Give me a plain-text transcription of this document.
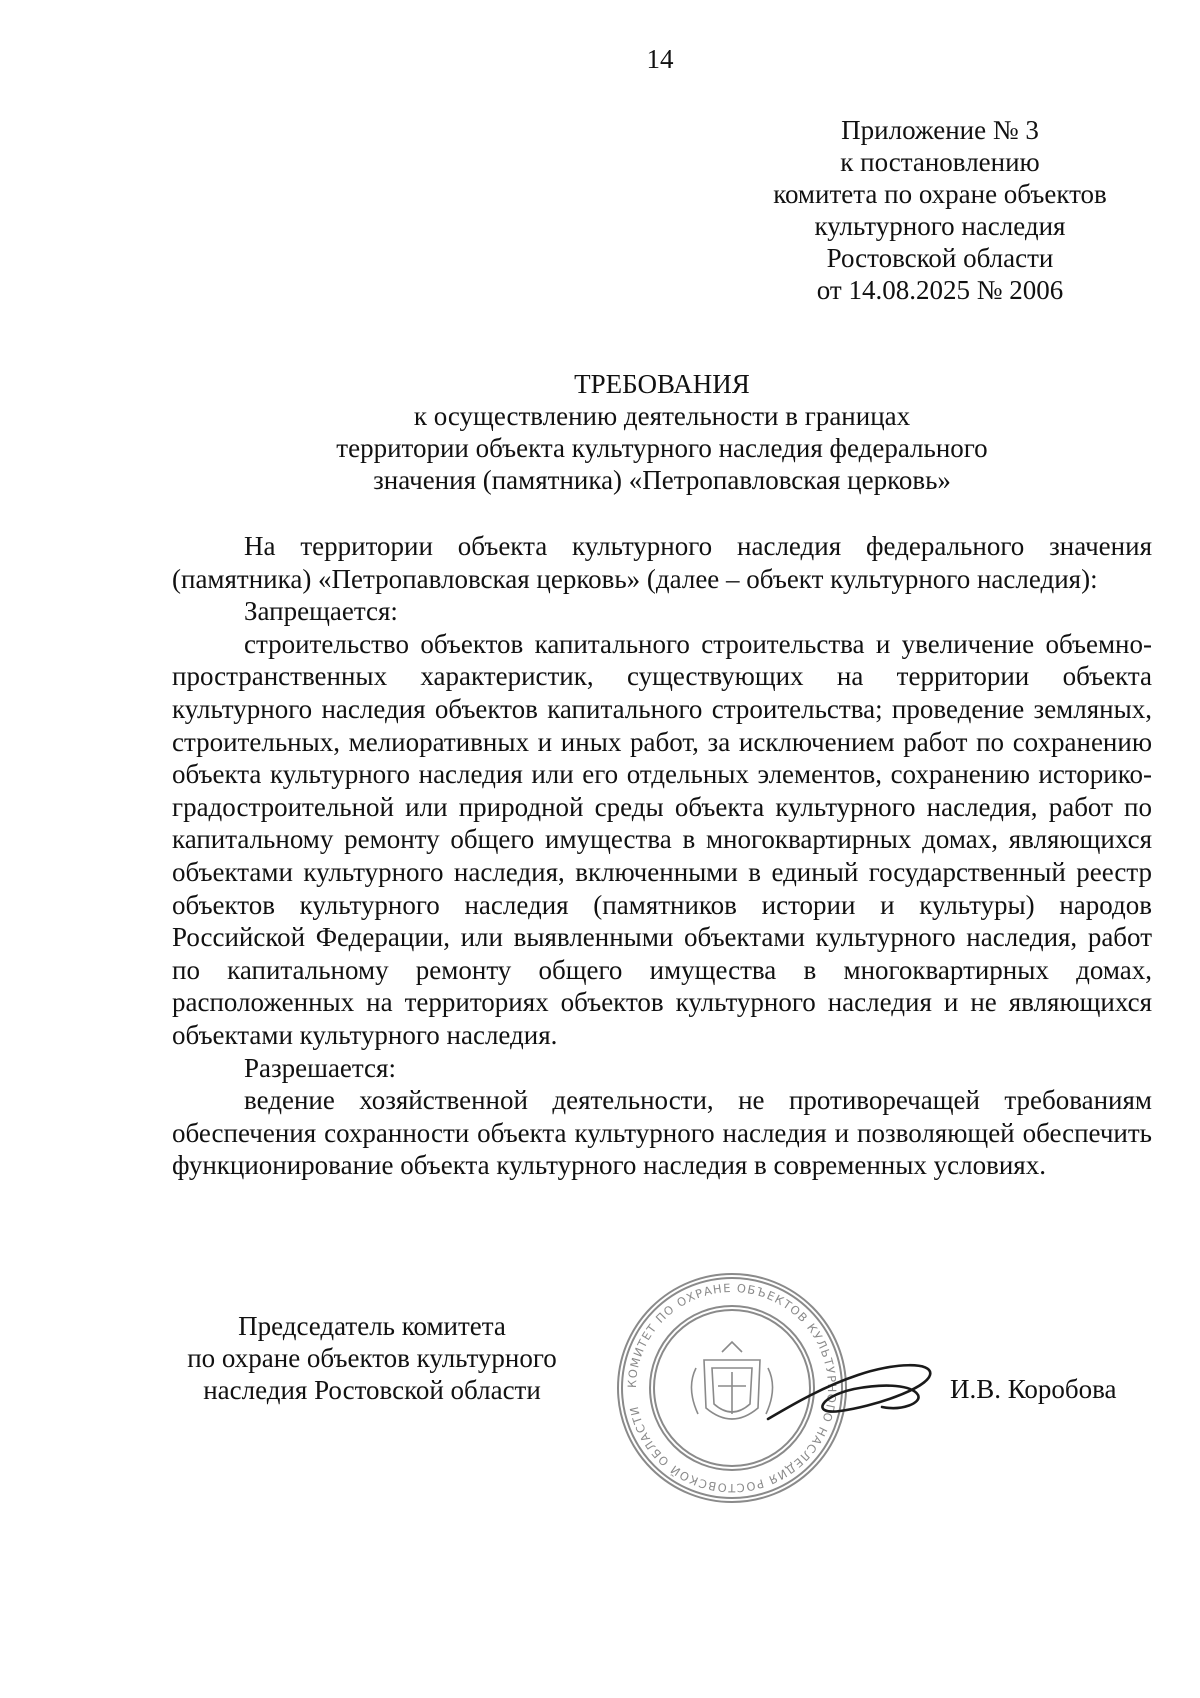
14
Приложение № 3
к постановлению
комитета по охране объектов
культурного наследия
Ростовской области
от 14.08.2025 № 2006
ТРЕБОВАНИЯ
к осуществлению деятельности в границах
территории объекта культурного наследия федерального
значения (памятника) «Петропавловская церковь»

На территории объекта культурного наследия федерального значения (памятника) «Петропавловская церковь» (далее – объект культурного наследия):

Запрещается:

строительство объектов капитального строительства и увеличение объемно-пространственных характеристик, существующих на территории объекта культурного наследия объектов капитального строительства; проведение земляных, строительных, мелиоративных и иных работ, за исключением работ по сохранению объекта культурного наследия или его отдельных элементов, сохранению историко-градостроительной или природной среды объекта культурного наследия, работ по капитальному ремонту общего имущества в многоквартирных домах, являющихся объектами культурного наследия, включенными в единый государственный реестр объектов культурного наследия (памятников истории и культуры) народов Российской Федерации, или выявленными объектами культурного наследия, работ по капитальному ремонту общего имущества в многоквартирных домах, расположенных на территориях объектов культурного наследия и не являющихся объектами культурного наследия.

Разрешается:

ведение хозяйственной деятельности, не противоречащей требованиям обеспечения сохранности объекта культурного наследия и позволяющей обеспечить функционирование объекта культурного наследия в современных условиях.

Председатель комитета
по охране объектов культурного
наследия Ростовской области	КОМИТЕТ ПО ОХРАНЕ ОБЪЕКТОВ КУЛЬТУРНОГО НАСЛЕДИЯ РОСТОВСКОЙ ОБЛАСТИ
И.В. Коробова
